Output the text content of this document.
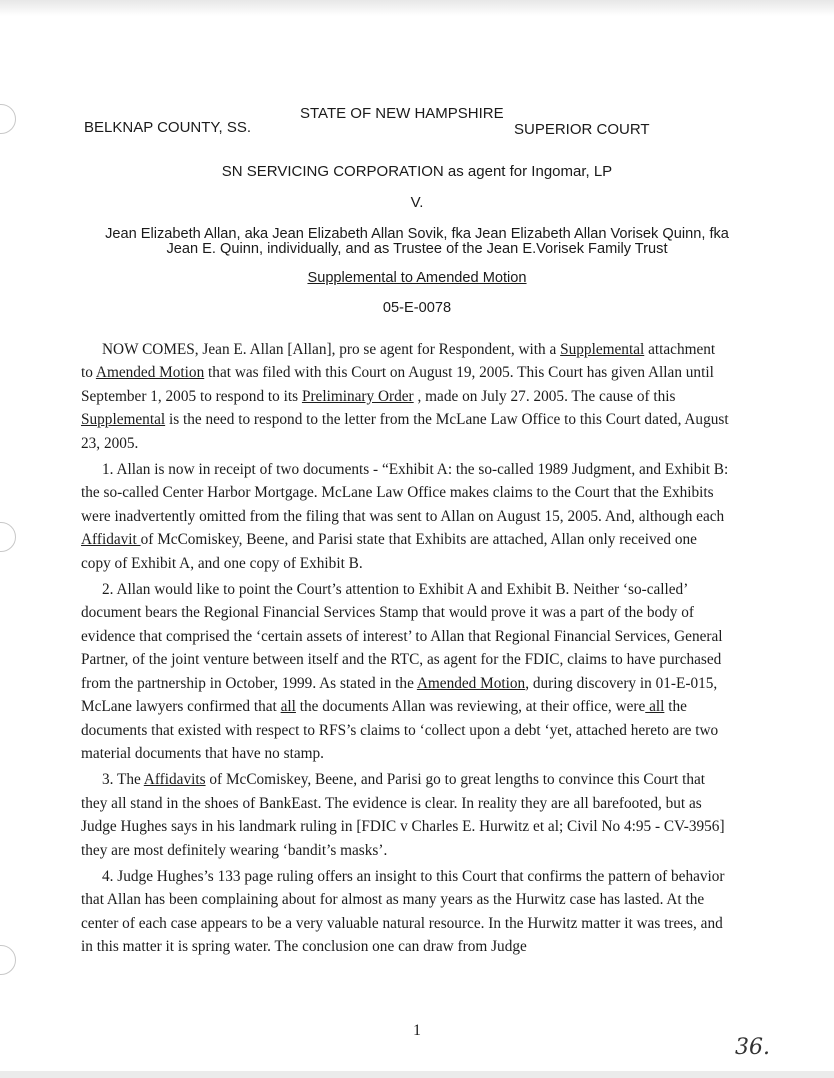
STATE OF NEW HAMPSHIRE
BELKNAP COUNTY, SS.	SUPERIOR COURT
SN SERVICING CORPORATION as agent for Ingomar, LP
V.
Jean Elizabeth Allan, aka Jean Elizabeth Allan Sovik, fka Jean Elizabeth Allan Vorisek Quinn, fka
Jean E. Quinn, individually, and as Trustee of the Jean E.Vorisek Family Trust
Supplemental to Amended Motion
05-E-0078

NOW COMES, Jean E. Allan [Allan], pro se agent for Respondent, with a Supplemental attachment to Amended Motion that was filed with this Court on August 19, 2005. This Court has given Allan until September 1, 2005 to respond to its Preliminary Order , made on July 27. 2005. The cause of this Supplemental is the need to respond to the letter from the McLane Law Office to this Court dated, August 23, 2005.

1. Allan is now in receipt of two documents - “Exhibit A: the so-called 1989 Judgment, and Exhibit B: the so-called Center Harbor Mortgage. McLane Law Office makes claims to the Court that the Exhibits were inadvertently omitted from the filing that was sent to Allan on August 15, 2005. And, although each Affidavit of McComiskey, Beene, and Parisi state that Exhibits are attached, Allan only received one copy of Exhibit A, and one copy of Exhibit B.

2. Allan would like to point the Court’s attention to Exhibit A and Exhibit B. Neither ‘so-called’ document bears the Regional Financial Services Stamp that would prove it was a part of the body of evidence that comprised the ‘certain assets of interest’ to Allan that Regional Financial Services, General Partner, of the joint venture between itself and the RTC, as agent for the FDIC, claims to have purchased from the partnership in October, 1999. As stated in the Amended Motion, during discovery in 01-E-015, McLane lawyers confirmed that all the documents Allan was reviewing, at their office, were all the documents that existed with respect to RFS’s claims to ‘collect upon a debt ‘yet, attached hereto are two material documents that have no stamp.

3. The Affidavits of McComiskey, Beene, and Parisi go to great lengths to convince this Court that they all stand in the shoes of BankEast. The evidence is clear. In reality they are all barefooted, but as Judge Hughes says in his landmark ruling in [FDIC v Charles E. Hurwitz et al; Civil No 4:95 - CV-3956] they are most definitely wearing ‘bandit’s masks’.

4. Judge Hughes’s 133 page ruling offers an insight to this Court that confirms the pattern of behavior that Allan has been complaining about for almost as many years as the Hurwitz case has lasted. At the center of each case appears to be a very valuable natural resource. In the Hurwitz matter it was trees, and in this matter it is spring water. The conclusion one can draw from Judge

1
36.
